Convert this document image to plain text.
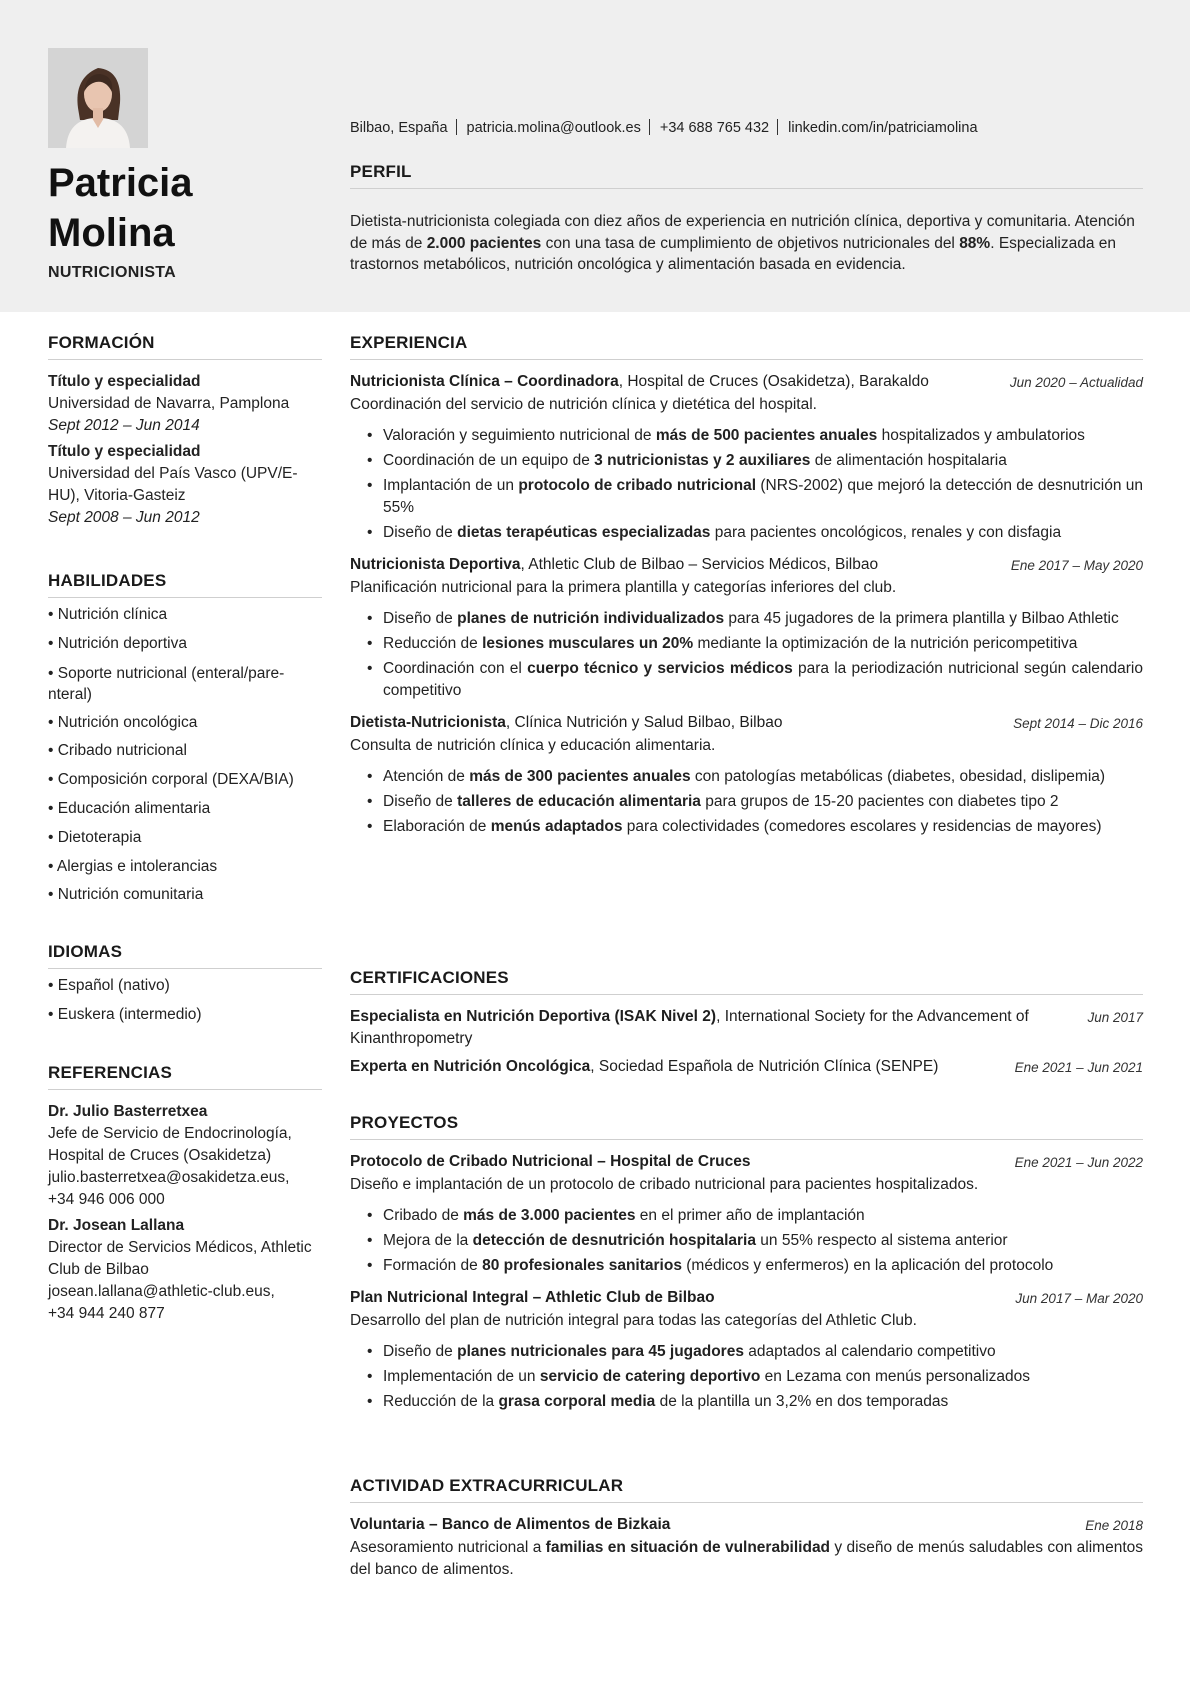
Patricia
Molina
NUTRICIONISTA
Bilbao, España patricia.molina@outlook.es +34 688 765 432 linkedin.com/in/patriciamolina
PERFIL
Dietista-nutricionista colegiada con diez años de experiencia en nutrición clínica, deportiva y comunitaria. Atención de más de 2.000 pacientes con una tasa de cumplimiento de objetivos nutricionales del 88%. Especializada en trastornos metabólicos, nutrición oncológica y alimentación basada en evidencia.
FORMACIÓN
Título y especialidad
Universidad de Navarra, Pamplona
Sept 2012 – Jun 2014
Título y especialidad
Universidad del País Vasco (UPV/E-HU), Vitoria-Gasteiz
Sept 2008 – Jun 2012
HABILIDADES
• Nutrición clínica
• Nutrición deportiva
• Soporte nutricional (enteral/pare-nteral)
• Nutrición oncológica
• Cribado nutricional
• Composición corporal (DEXA/BIA)
• Educación alimentaria
• Dietoterapia
• Alergias e intolerancias
• Nutrición comunitaria
IDIOMAS
• Español (nativo)
• Euskera (intermedio)
REFERENCIAS
Dr. Julio Basterretxea
Jefe de Servicio de Endocrinología, Hospital de Cruces (Osakidetza)
julio.basterretxea@osakidetza.eus,
+34 946 006 000
Dr. Josean Lallana
Director de Servicios Médicos, Athletic Club de Bilbao
josean.lallana@athletic-club.eus,
+34 944 240 877
EXPERIENCIA
Nutricionista Clínica – Coordinadora, Hospital de Cruces (Osakidetza), Barakaldo	Jun 2020 – Actualidad
Coordinación del servicio de nutrición clínica y dietética del hospital.
• Valoración y seguimiento nutricional de más de 500 pacientes anuales hospitalizados y ambulatorios
• Coordinación de un equipo de 3 nutricionistas y 2 auxiliares de alimentación hospitalaria
• Implantación de un protocolo de cribado nutricional (NRS-2002) que mejoró la detección de desnutrición un 55%
• Diseño de dietas terapéuticas especializadas para pacientes oncológicos, renales y con disfagia
Nutricionista Deportiva, Athletic Club de Bilbao – Servicios Médicos, Bilbao	Ene 2017 – May 2020
Planificación nutricional para la primera plantilla y categorías inferiores del club.
• Diseño de planes de nutrición individualizados para 45 jugadores de la primera plantilla y Bilbao Athletic
• Reducción de lesiones musculares un 20% mediante la optimización de la nutrición pericompetitiva
• Coordinación con el cuerpo técnico y servicios médicos para la periodización nutricional según calendario competitivo
Dietista-Nutricionista, Clínica Nutrición y Salud Bilbao, Bilbao	Sept 2014 – Dic 2016
Consulta de nutrición clínica y educación alimentaria.
• Atención de más de 300 pacientes anuales con patologías metabólicas (diabetes, obesidad, dislipemia)
• Diseño de talleres de educación alimentaria para grupos de 15-20 pacientes con diabetes tipo 2
• Elaboración de menús adaptados para colectividades (comedores escolares y residencias de mayores)
CERTIFICACIONES
Especialista en Nutrición Deportiva (ISAK Nivel 2), International Society for the Advancement of Kinanthropometry
Jun 2017
Experta en Nutrición Oncológica, Sociedad Española de Nutrición Clínica (SENPE)	Ene 2021 – Jun 2021
PROYECTOS
Protocolo de Cribado Nutricional – Hospital de Cruces	Ene 2021 – Jun 2022
Diseño e implantación de un protocolo de cribado nutricional para pacientes hospitalizados.
• Cribado de más de 3.000 pacientes en el primer año de implantación
• Mejora de la detección de desnutrición hospitalaria un 55% respecto al sistema anterior
• Formación de 80 profesionales sanitarios (médicos y enfermeros) en la aplicación del protocolo
Plan Nutricional Integral – Athletic Club de Bilbao	Jun 2017 – Mar 2020
Desarrollo del plan de nutrición integral para todas las categorías del Athletic Club.
• Diseño de planes nutricionales para 45 jugadores adaptados al calendario competitivo
• Implementación de un servicio de catering deportivo en Lezama con menús personalizados
• Reducción de la grasa corporal media de la plantilla un 3,2% en dos temporadas
ACTIVIDAD EXTRACURRICULAR
Voluntaria – Banco de Alimentos de Bizkaia	Ene 2018
Asesoramiento nutricional a familias en situación de vulnerabilidad y diseño de menús saludables con alimentos del banco de alimentos.
